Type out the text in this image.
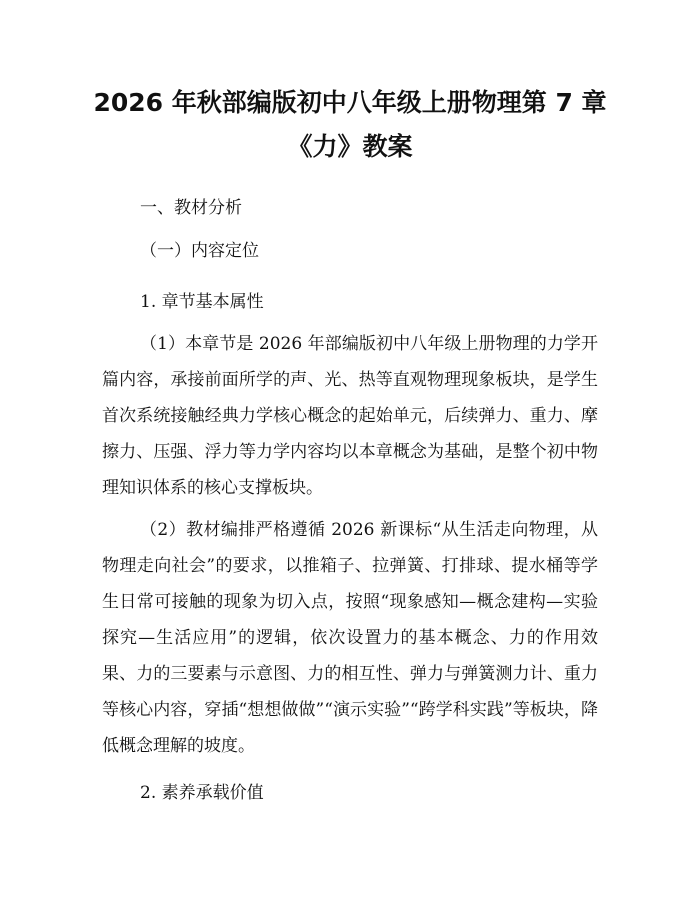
2026 年秋部编版初中八年级上册物理第 7 章
《力》教案
一、教材分析
（一）内容定位
1. 章节基本属性
（1）本章节是 2026 年部编版初中八年级上册物理的力学开篇内容，承接前面所学的声、光、热等直观物理现象板块，是学生首次系统接触经典力学核心概念的起始单元，后续弹力、重力、摩擦力、压强、浮力等力学内容均以本章概念为基础，是整个初中物理知识体系的核心支撑板块。
（2）教材编排严格遵循 2026 新课标“从生活走向物理，从物理走向社会”的要求，以推箱子、拉弹簧、打排球、提水桶等学生日常可接触的现象为切入点，按照“现象感知—概念建构—实验探究—生活应用”的逻辑，依次设置力的基本概念、力的作用效果、力的三要素与示意图、力的相互性、弹力与弹簧测力计、重力等核心内容，穿插“想想做做”“演示实验”“跨学科实践”等板块，降低概念理解的坡度。
2. 素养承载价值
